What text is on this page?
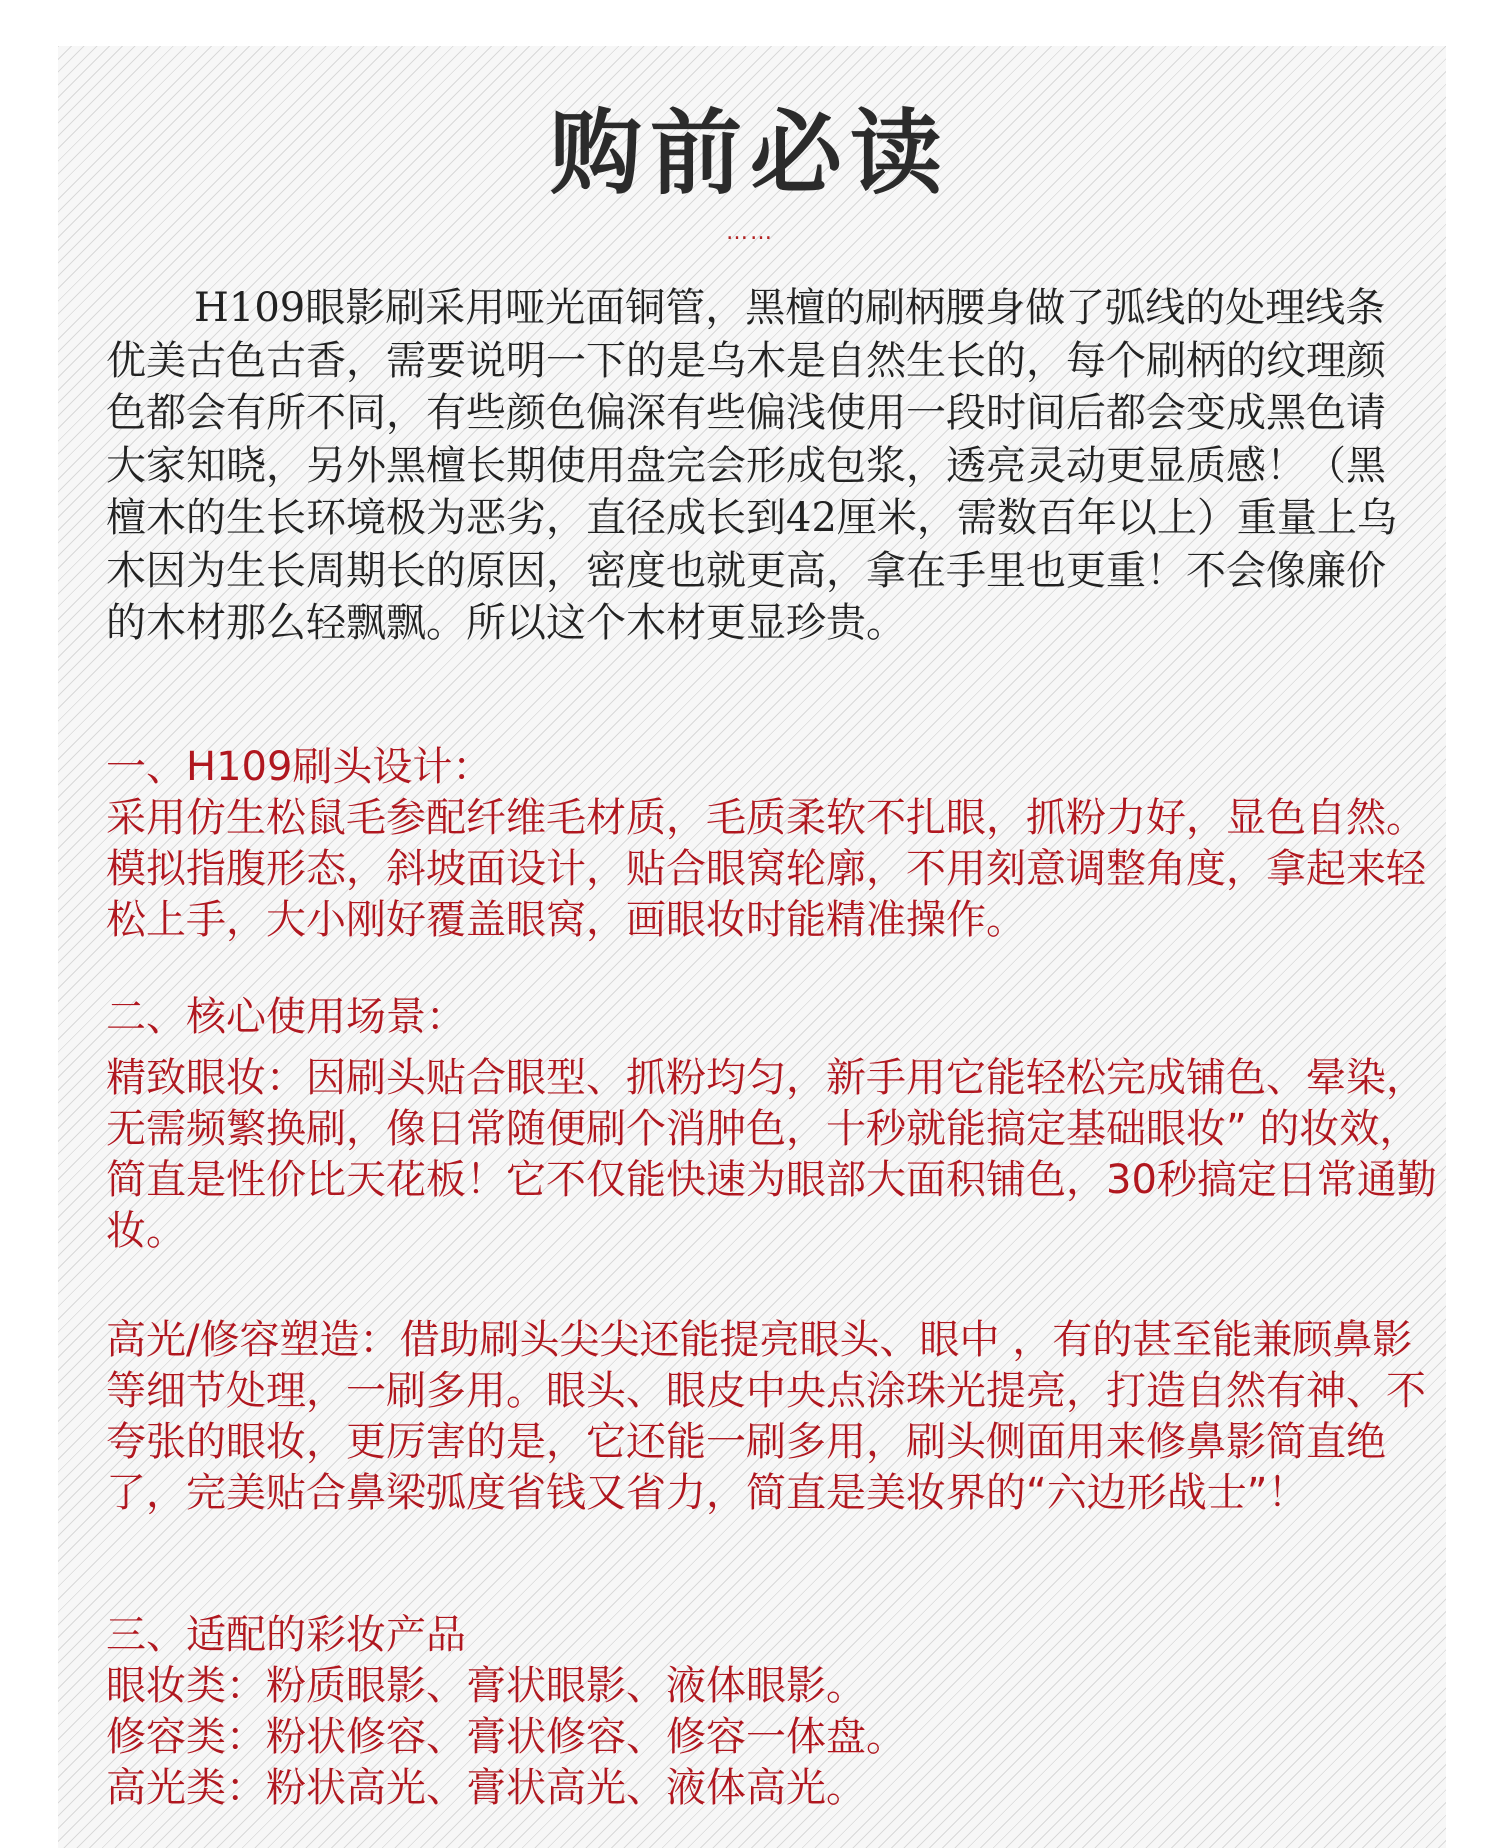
购前必读
……

H109眼影刷采用哑光面铜管，黑檀的刷柄腰身做了弧线的处理线条优美古色古香，需要说明一下的是乌木是自然生长的，每个刷柄的纹理颜色都会有所不同，有些颜色偏深有些偏浅使用一段时间后都会变成黑色请大家知晓，另外黑檀长期使用盘完会形成包浆，透亮灵动更显质感！（黑檀木的生长环境极为恶劣，直径成长到42厘米，需数百年以上）重量上乌木因为生长周期长的原因，密度也就更高，拿在手里也更重！不会像廉价的木材那么轻飘飘。所以这个木材更显珍贵。

一、H109刷头设计：

采用仿生松鼠毛参配纤维毛材质，毛质柔软不扎眼，抓粉力好，显色自然。模拟指腹形态，斜坡面设计，贴合眼窝轮廓，不用刻意调整角度，拿起来轻松上手，大小刚好覆盖眼窝，画眼妆时能精准操作。

二、核心使用场景：

精致眼妆：因刷头贴合眼型、抓粉均匀，新手用它能轻松完成铺色、晕染，无需频繁换刷，像日常随便刷个消肿色，十秒就能搞定基础眼妆” 的妆效，简直是性价比天花板！它不仅能快速为眼部大面积铺色，30秒搞定日常通勤妆。

高光/修容塑造：借助刷头尖尖还能提亮眼头、眼中 ，有的甚至能兼顾鼻影等细节处理，一刷多用。眼头、眼皮中央点涂珠光提亮，打造自然有神、不夸张的眼妆，更厉害的是，它还能一刷多用，刷头侧面用来修鼻影简直绝了，完美贴合鼻梁弧度省钱又省力，简直是美妆界的“六边形战士”！

三、适配的彩妆产品

眼妆类：粉质眼影、膏状眼影、液体眼影。

修容类：粉状修容、膏状修容、修容一体盘。

高光类：粉状高光、膏状高光、液体高光。
